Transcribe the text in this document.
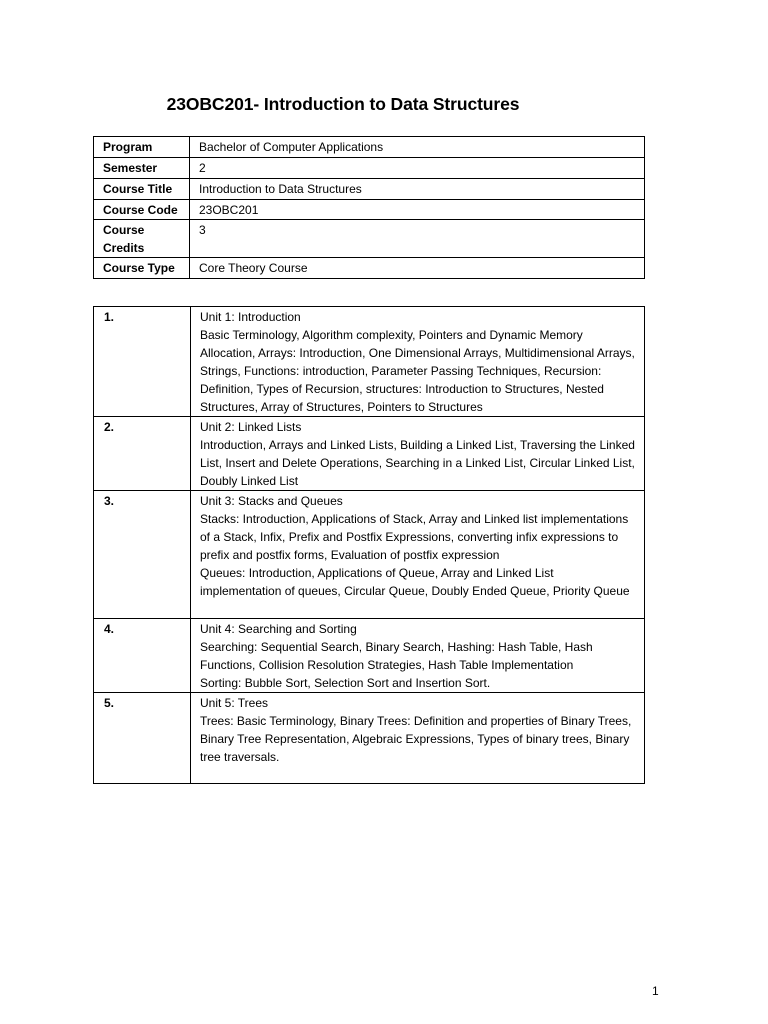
23OBC201- Introduction to Data Structures
Program	Bachelor of Computer Applications
Semester	2
Course Title	Introduction to Data Structures
Course Code	23OBC201
Course Credits	3
Course Type	Core Theory Course
1.	Unit 1: Introduction
Basic Terminology, Algorithm complexity, Pointers and Dynamic Memory Allocation, Arrays: Introduction, One Dimensional Arrays, Multidimensional Arrays, Strings, Functions: introduction, Parameter Passing Techniques, Recursion: Definition, Types of Recursion, structures: Introduction to Structures, Nested Structures, Array of Structures, Pointers to Structures

2.	Unit 2: Linked Lists
Introduction, Arrays and Linked Lists, Building a Linked List, Traversing the Linked List, Insert and Delete Operations, Searching in a Linked List, Circular Linked List, Doubly Linked List

3.	Unit 3: Stacks and Queues
Stacks: Introduction, Applications of Stack, Array and Linked list implementations of a Stack, Infix, Prefix and Postfix Expressions, converting infix expressions to prefix and postfix forms, Evaluation of postfix expression
Queues: Introduction, Applications of Queue, Array and Linked List implementation of queues, Circular Queue, Doubly Ended Queue, Priority Queue

4.	Unit 4: Searching and Sorting
Searching: Sequential Search, Binary Search, Hashing: Hash Table, Hash Functions, Collision Resolution Strategies, Hash Table Implementation
Sorting: Bubble Sort, Selection Sort and Insertion Sort.

5.	Unit 5: Trees
Trees: Basic Terminology, Binary Trees: Definition and properties of Binary Trees, Binary Tree Representation, Algebraic Expressions, Types of binary trees, Binary tree traversals.
1
